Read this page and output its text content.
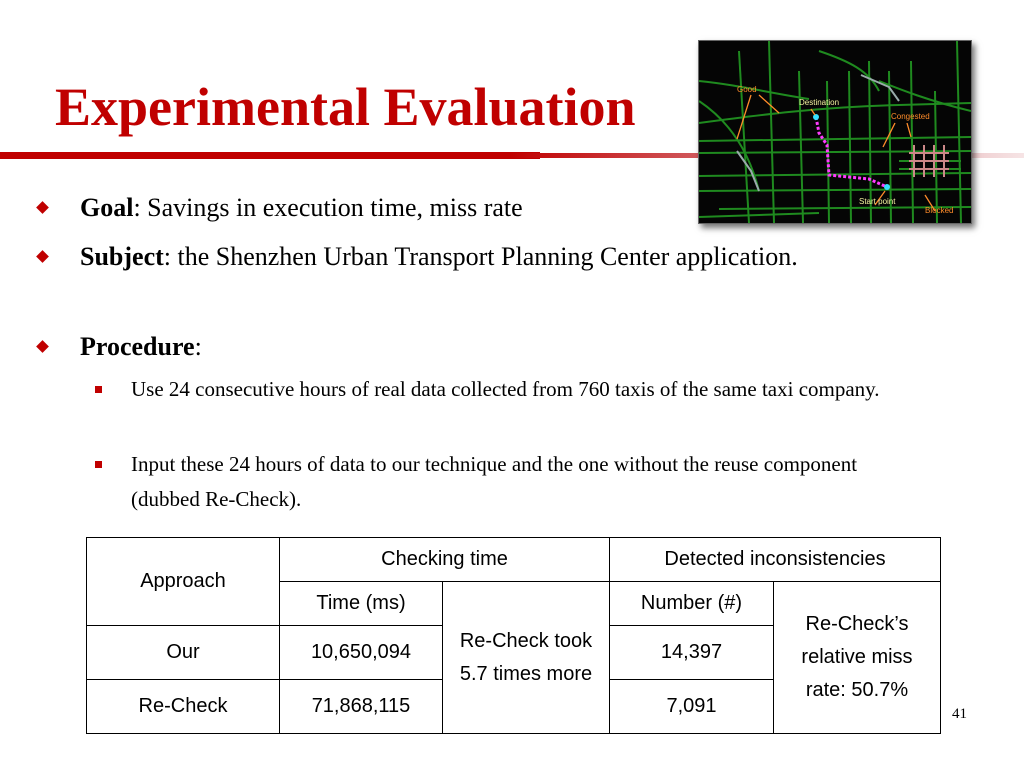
Experimental Evaluation	Good
Destination
Congested
Start point
Blocked
Goal: Savings in execution time, miss rate
Subject: the Shenzhen Urban Transport Planning Center application.
Procedure:
Use 24 consecutive hours of real data collected from 760 taxis of the same taxi company.
Input these 24 hours of data to our technique and the one without the reuse component (dubbed Re-Check).
Approach	Checking time		Detected inconsistencies	
	Time (ms)	Re-Check took 5.7 times more	Number (#)	Re-Check’s relative miss rate: 50.7%
Our	10,650,094		14,397	
Re-Check	71,868,115		7,091		41
